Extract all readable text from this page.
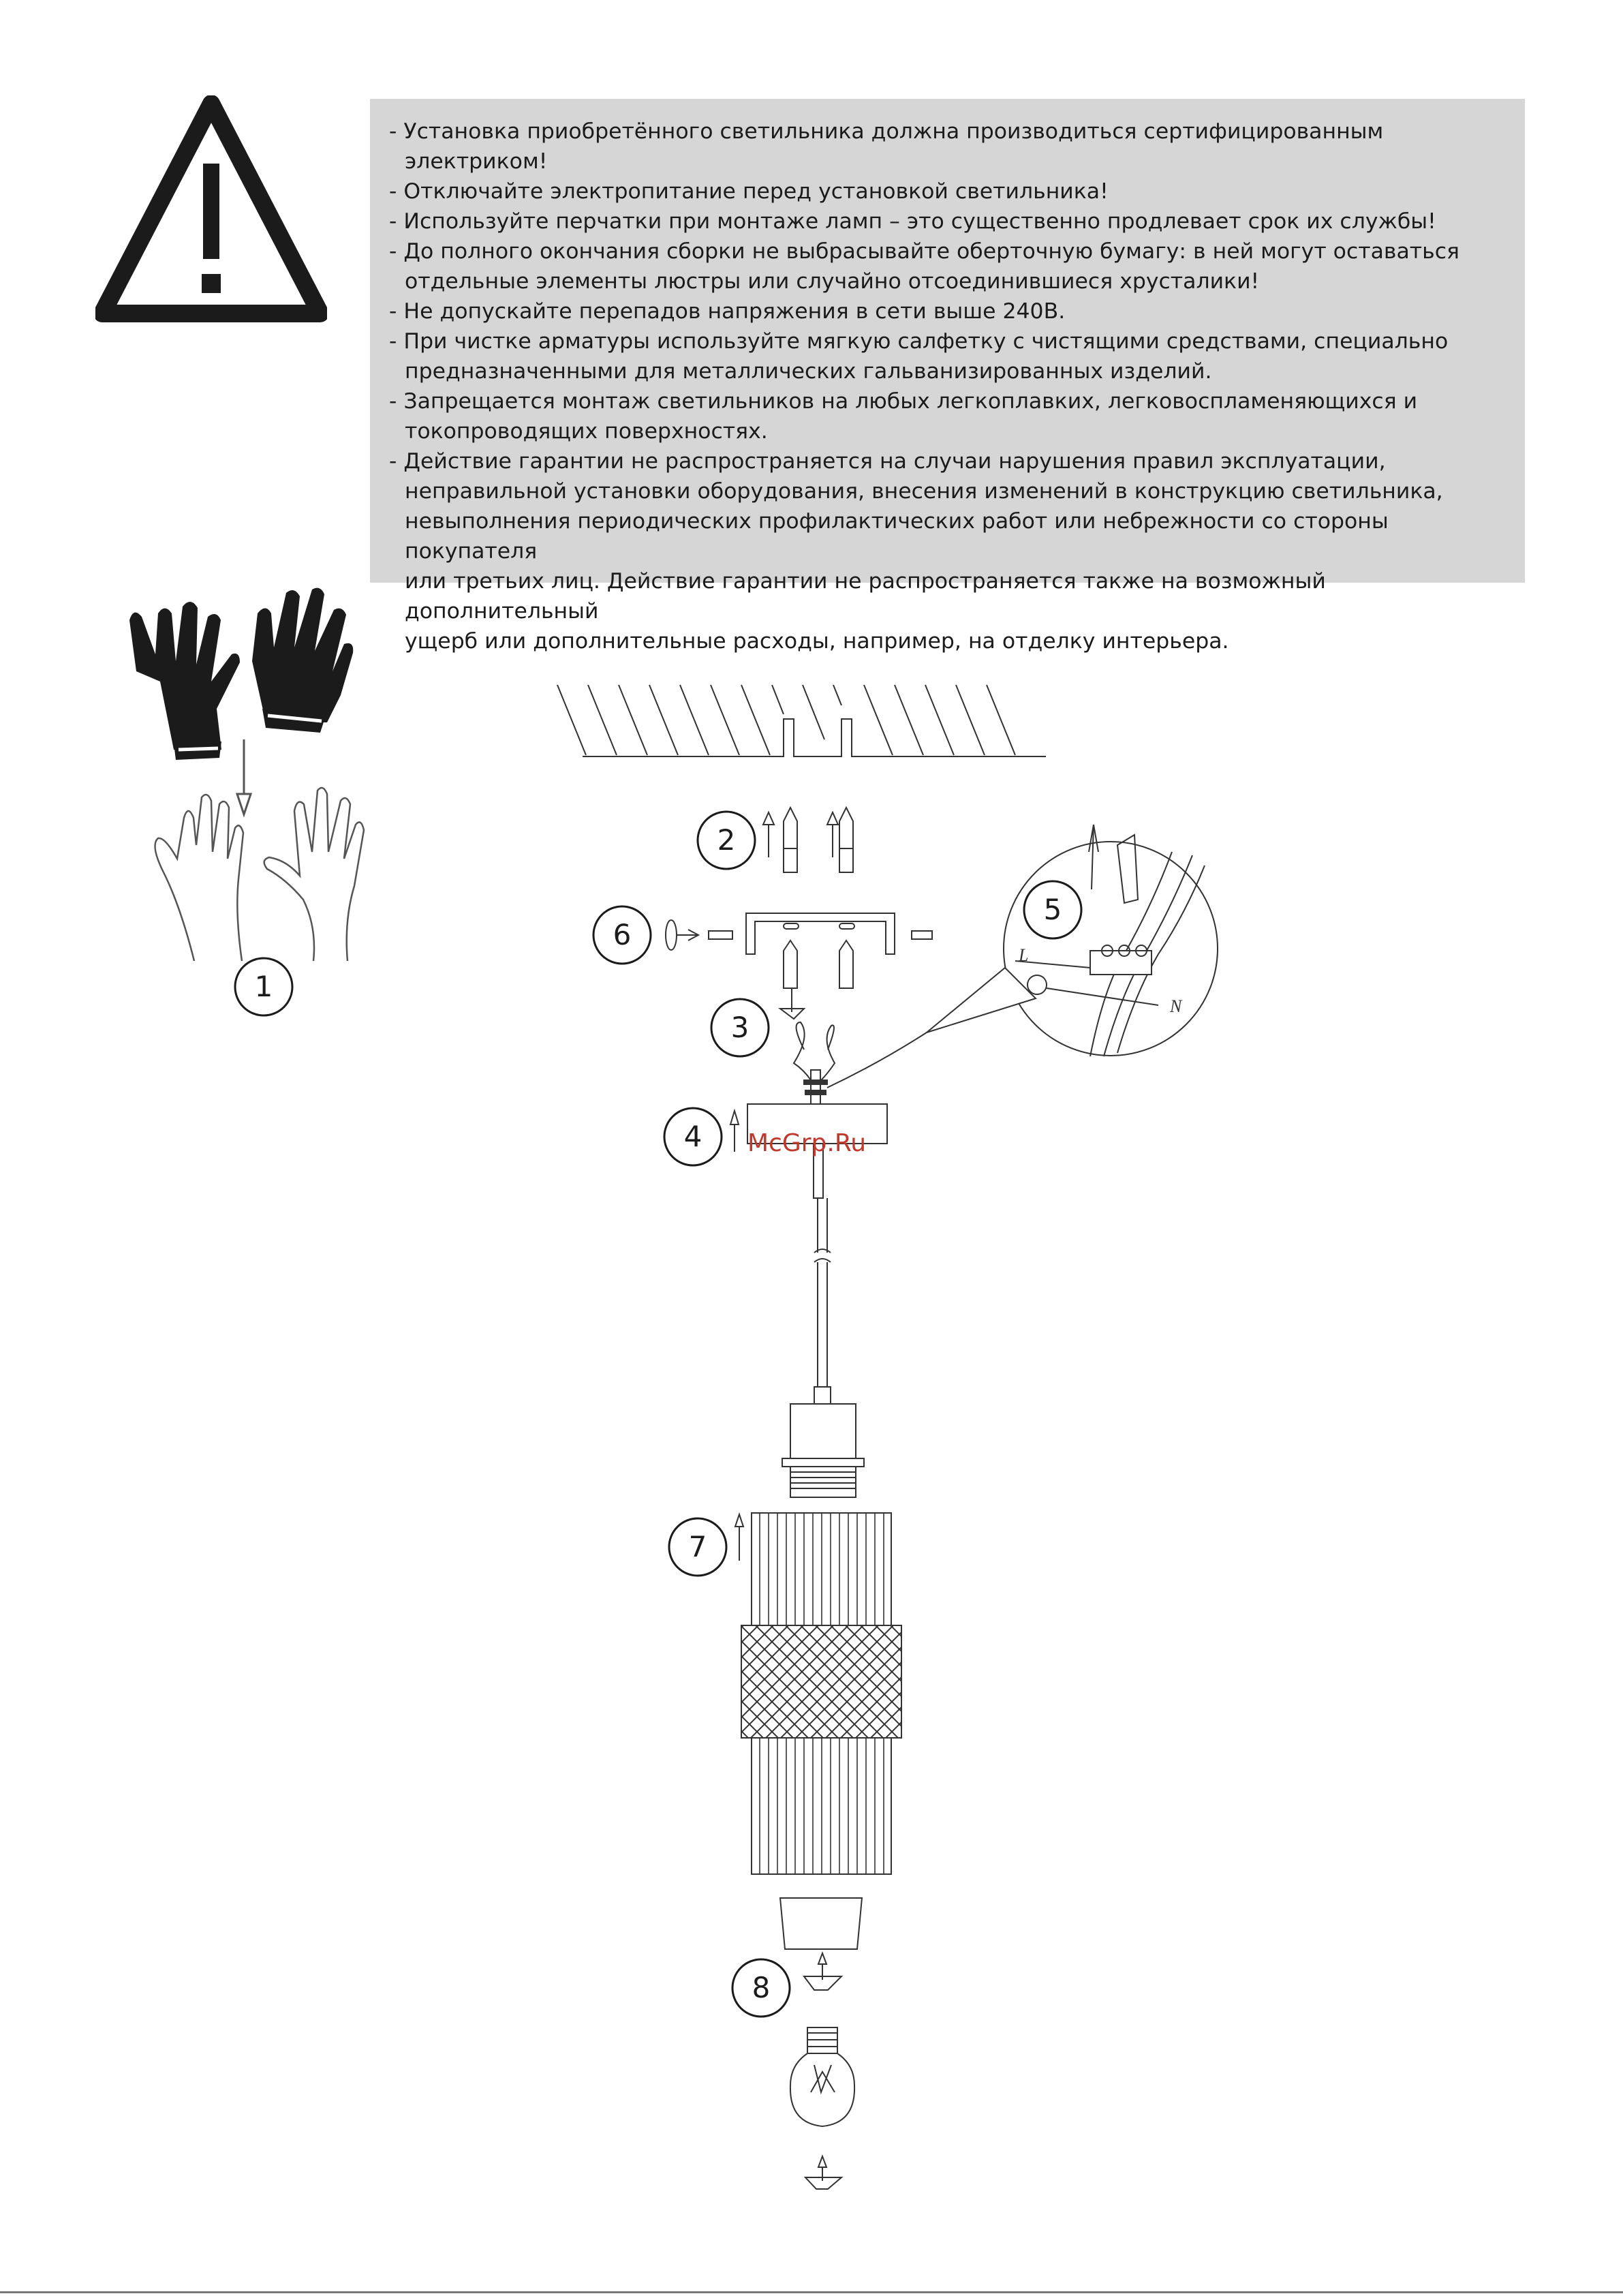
- Установка приобретённого светильника должна производиться сертифицированным электриком!
- Отключайте электропитание перед установкой светильника!
- Используйте перчатки при монтаже ламп – это существенно продлевает срок их службы!
- До полного окончания сборки не выбрасывайте оберточную бумагу: в ней могут оставаться
отдельные элементы люстры или случайно отсоединившиеся хрусталики!
- Не допускайте перепадов напряжения в сети выше 240В.
- При чистке арматуры используйте мягкую салфетку с чистящими средствами, специально
предназначенными для металлических гальванизированных изделий.
- Запрещается монтаж светильников на любых легкоплавких, легковоспламеняющихся и
токопроводящих поверхностях.
- Действие гарантии не распространяется на случаи нарушения правил эксплуатации,
неправильной установки оборудования, внесения изменений в конструкцию светильника,
невыполнения периодических профилактических работ или небрежности со стороны покупателя
или третьих лиц. Действие гарантии не распространяется также на возможный дополнительный
ущерб или дополнительные расходы, например, на отделку интерьера.
L
N
1
2
3
4
5
6
7
8
McGrp.Ru
